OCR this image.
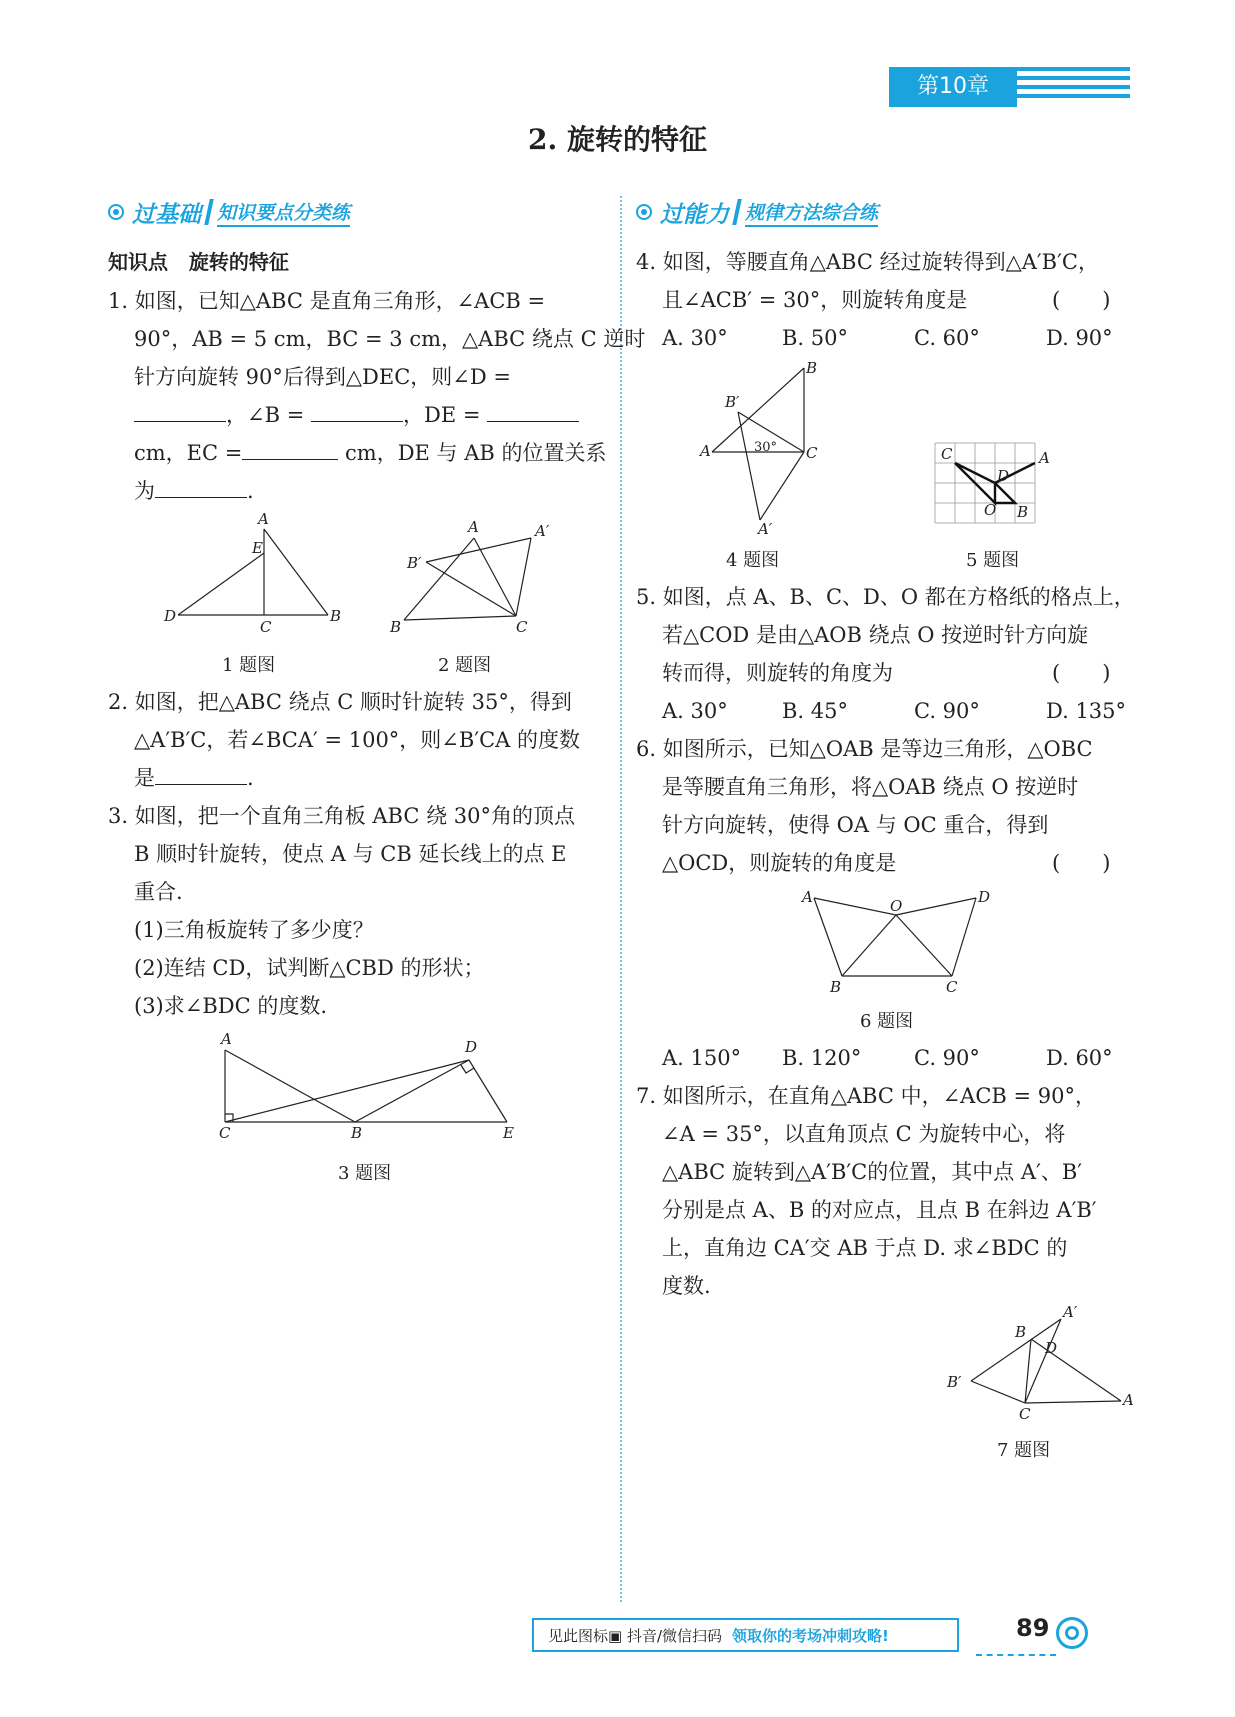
第10章
2. 旋转的特征
过基础 知识要点分类练	过能力 规律方法综合练
知识点 旋转的特征
1. 如图，已知△ABC 是直角三角形，∠ACB =
90°，AB = 5 cm，BC = 3 cm，△ABC 绕点 C 逆时
针方向旋转 90°后得到△DEC，则∠D =
，∠B =	，DE =
cm，EC =	cm，DE 与 AB 的位置关系
为	.
A
E
D
C
B
A	A′
B′
B	C
1 题图	2 题图
2. 如图，把△ABC 绕点 C 顺时针旋转 35°，得到
△A′B′C，若∠BCA′ = 100°，则∠B′CA 的度数
是	.
3. 如图，把一个直角三角板 ABC 绕 30°角的顶点
B 顺时针旋转，使点 A 与 CB 延长线上的点 E
重合.
(1)三角板旋转了多少度？
(2)连结 CD，试判断△CBD 的形状；
(3)求∠BDC 的度数.
A	D
C	B	E
3 题图
4. 如图，等腰直角△ABC 经过旋转得到△A′B′C，
且∠ACB′ = 30°，则旋转角度是	(　　)
A. 30°	B. 50°	C. 60°	D. 90°
B
B′
A	30° C
A′
C	A
D
O B
4 题图	5 题图
5. 如图，点 A、B、C、D、O 都在方格纸的格点上，
若△COD 是由△AOB 绕点 O 按逆时针方向旋
转而得，则旋转的角度为	(　　)
A. 30°	B. 45°	C. 90°	D. 135°
6. 如图所示，已知△OAB 是等边三角形，△OBC
是等腰直角三角形，将△OAB 绕点 O 按逆时
针方向旋转，使得 OA 与 OC 重合，得到
△OCD，则旋转的角度是	(　　)
A	O	D
B	C
6 题图
A. 150° B. 120°	C. 90°	D. 60°
7. 如图所示，在直角△ABC 中，∠ACB = 90°，
∠A = 35°，以直角顶点 C 为旋转中心，将
△ABC 旋转到△A′B′C的位置，其中点 A′、B′
分别是点 A、B 的对应点，且点 B 在斜边 A′B′
上，直角边 CA′交 AB 于点 D. 求∠BDC 的
度数.
A′
B
D
B′
C
A
7 题图
见此图标▣ 抖音/微信扫码 领取你的考场冲刺攻略!	89
